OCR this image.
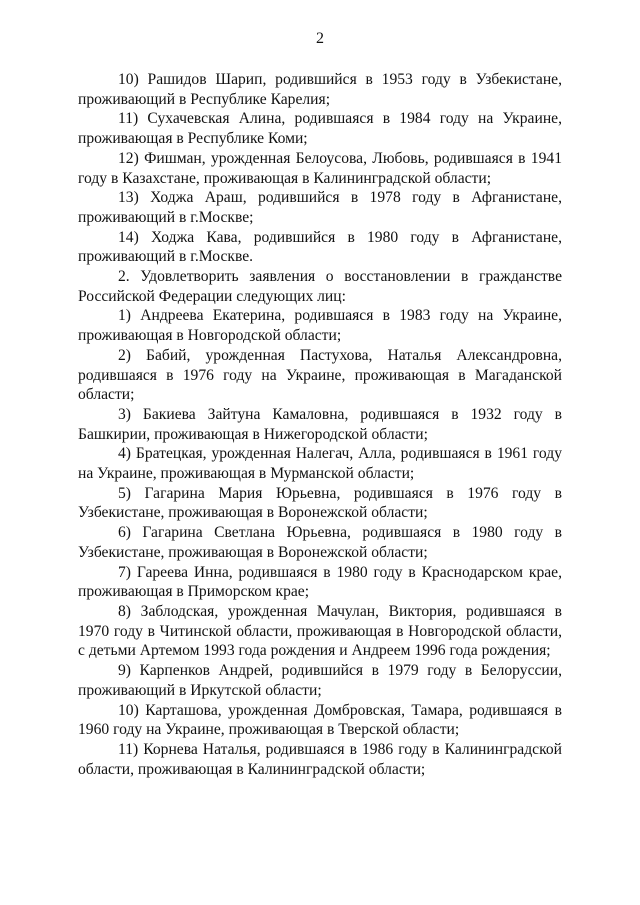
2

10) Рашидов Шарип, родившийся в 1953 году в Узбекистане, проживающий в Республике Карелия;

11) Сухачевская Алина, родившаяся в 1984 году на Украине, проживающая в Республике Коми;

12) Фишман, урожденная Белоусова, Любовь, родившаяся в 1941 году в Казахстане, проживающая в Калининградской области;

13) Ходжа Араш, родившийся в 1978 году в Афганистане, проживающий в г.Москве;

14) Ходжа Кава, родившийся в 1980 году в Афганистане, проживающий в г.Москве.

2. Удовлетворить заявления о восстановлении в гражданстве Российской Федерации следующих лиц:

1) Андреева Екатерина, родившаяся в 1983 году на Украине, проживающая в Новгородской области;

2) Бабий, урожденная Пастухова, Наталья Александровна, родившаяся в 1976 году на Украине, проживающая в Магаданской области;

3) Бакиева Зайтуна Камаловна, родившаяся в 1932 году в Башкирии, проживающая в Нижегородской области;

4) Братецкая, урожденная Налегач, Алла, родившаяся в 1961 году на Украине, проживающая в Мурманской области;

5) Гагарина Мария Юрьевна, родившаяся в 1976 году в Узбекистане, проживающая в Воронежской области;

6) Гагарина Светлана Юрьевна, родившаяся в 1980 году в Узбекистане, проживающая в Воронежской области;

7) Гареева Инна, родившаяся в 1980 году в Краснодарском крае, проживающая в Приморском крае;

8) Заблодская, урожденная Мачулан, Виктория, родившаяся в 1970 году в Читинской области, проживающая в Новгородской области, с детьми Артемом 1993 года рождения и Андреем 1996 года рождения;

9) Карпенков Андрей, родившийся в 1979 году в Белоруссии, проживающий в Иркутской области;

10) Карташова, урожденная Домбровская, Тамара, родившаяся в 1960 году на Украине, проживающая в Тверской области;

11) Корнева Наталья, родившаяся в 1986 году в Калининградской области, проживающая в Калининградской области;
